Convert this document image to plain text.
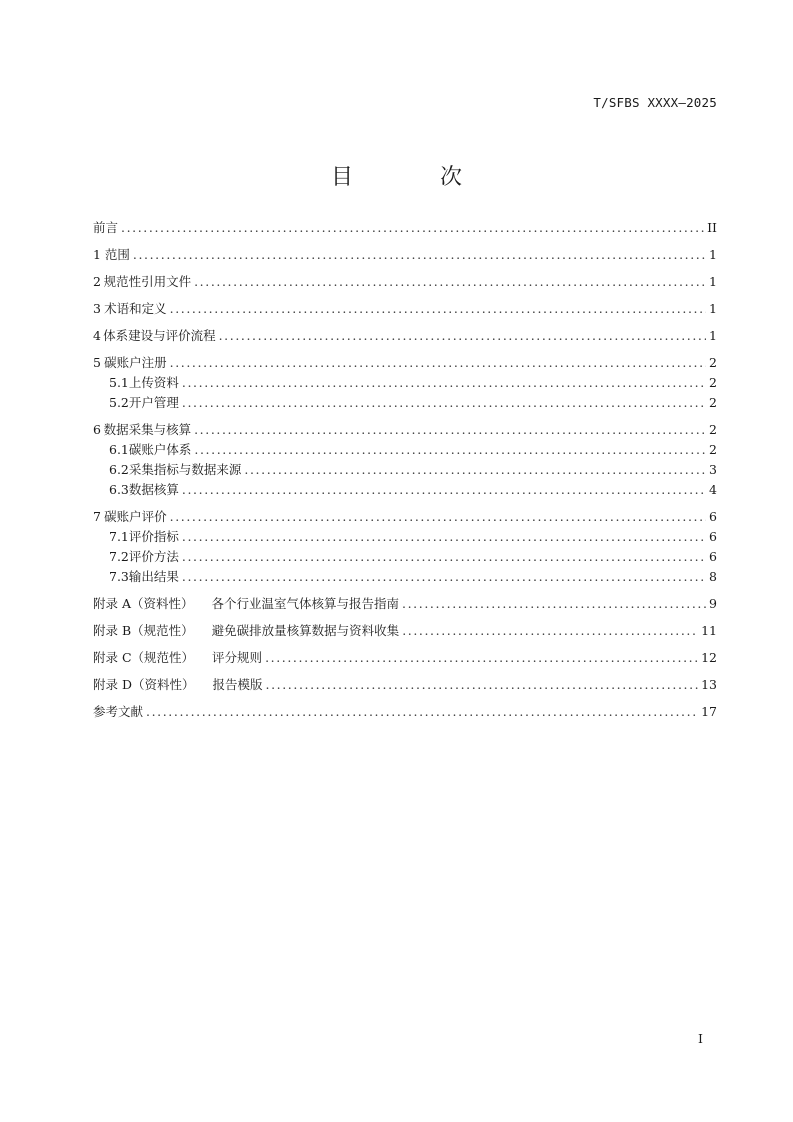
T/SFBS XXXX—2025
目 次
前言 .....	II
1 范围 .....	1
2 规范性引用文件 .....	1
3 术语和定义 .....	1
4 体系建设与评价流程 .....	1
5 碳账户注册 .....	2
5.1 上传资料 .....	2
5.2 开户管理 .....	2
6 数据采集与核算 .....	2
6.1 碳账户体系 .....	2
6.2 采集指标与数据来源 .....	3
6.3 数据核算 .....	4
7 碳账户评价 .....	6
7.1 评价指标 .....	6
7.2 评价方法 .....	6
7.3 输出结果 .....	8
附录 A（资料性） 各个行业温室气体核算与报告指南 .....	9
附录 B（规范性） 避免碳排放量核算数据与资料收集 .....	11
附录 C（规范性） 评分规则 .....	12
附录 D（资料性） 报告模版 .....	13
参考文献 .....	17
I
